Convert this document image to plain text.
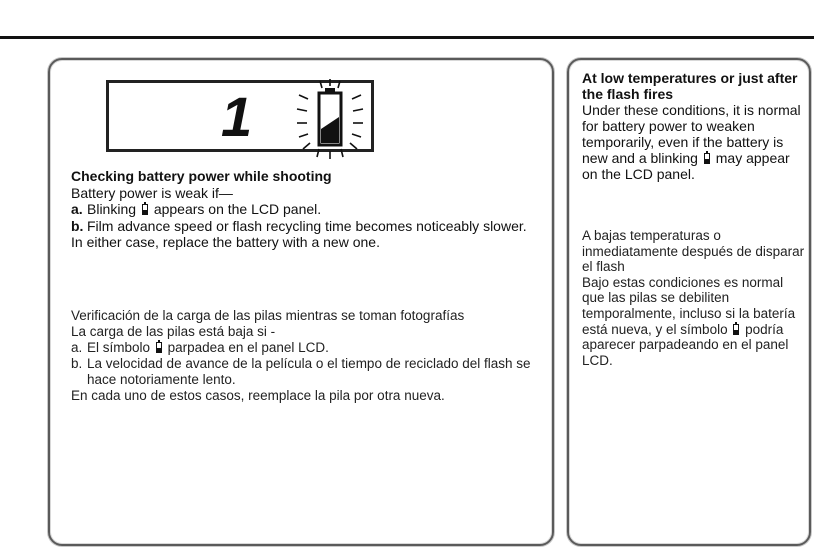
1
Checking battery power while shooting
Battery power is weak if—
a. Blinking appears on the LCD panel.
b. Film advance speed or flash recycling time becomes noticeably slower.
In either case, replace the battery with a new one.
Verificación de la carga de las pilas mientras se toman fotografías
La carga de las pilas está baja si -
a. El símbolo parpadea en el panel LCD.
b. La velocidad de avance de la película o el tiempo de reciclado del flash se hace notoriamente lento.
En cada uno de estos casos, reemplace la pila por otra nueva.
At low temperatures or just after the flash fires
Under these conditions, it is normal for battery power to weaken temporarily, even if the battery is new and a blinking may appear on the LCD panel.
A bajas temperaturas o inmediatamente después de disparar el flash
Bajo estas condiciones es normal que las pilas se debiliten temporalmente, incluso si la batería está nueva, y el símbolo podría aparecer parpadeando en el panel LCD.
